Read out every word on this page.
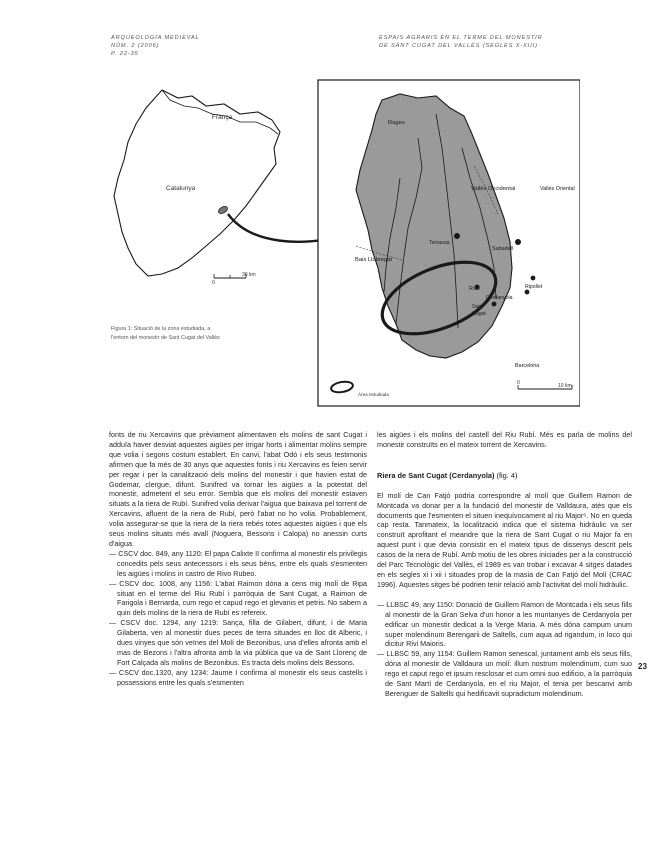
ARQUEOLOGIA MEDIEVAL
NÚM. 2 (2006)
P. 22-35
ESPAIS AGRARIS EN EL TERME DEL MONESTIR
DE SANT CUGAT DEL VALLÈS (SEGLES X-XIII)
França
Catalunya
0
30 km
Rages
Vallès Occidental	Vallès Oriental
Terrassa
Sabadell
Baix Llobregat
Ripollet
Rubí
Cerdanyola
Sant
Cugat
Barcelona
0	10 km
Àrea estudiada
Figura 1: Situació de la zona estudiada, a l'entorn del monestir de Sant Cugat del Vallès

fonts de riu Xercavins que prèviament alimentaven els molins de sant Cugat i adduïa haver desviat aquestes aigües per irrigar horts i alimentar molins sempre que volia i segons costum establert. En canvi, l'abat Odó i els seus testimonis afirmen que fa més de 30 anys que aquestes fonts i riu Xercavins es feien servir per regar i per la canalització dels molins del monestir i que havien estat de Godemar, clergue, difunt. Sunifred va tornar les aigües a la potestat del monestir, admetent el seu error. Sembla que els molins del monestir estaven situats a la riera de Rubí. Sunifred volia derivar l'aigua que baixava pel torrent de Xercavins, afluent de la riera de Rubí, però l'abat no ho volia. Probablement, volia assegurar-se que la riera de la riera rebés totes aquestes aigües i que els seus molins situats més avall (Noguera, Bessons i Calopa) no anessin curts d'aigua.

— CSCV doc. 849, any 1120: El papa Calixte II confirma al monestir els privilegis concedits pels seus antecessors i els seus béns, entre els quals s'esmenten les aigües i molins in castro de Rivo Rubeo.

— CSCV doc. 1008, any 1156: L'abat Raimon dóna a cens mig molí de Ripa situat en el terme del Riu Rubí i parròquia de Sant Cugat, a Raimon de Farigola i Bernarda, cum rego et capud rego et glevanis et petris. No sabem a quin dels molins de la riera de Rubí es refereix.

— CSCV doc. 1294, any 1219: Sança, filla de Gilabert, difunt, i de Maria Gilaberta, ven al monestir dues peces de terra situades en lloc dit Alberic, i dues vinyes que són veïnes del Molí de Bezonibus, una d'elles afronta amb el mas de Bezons i l'altra afronta amb la via pública que va de Sant Llorenç de Fort Calçada als molins de Bezonibus. Es tracta dels molins dels Bessons.

— CSCV doc.1320, any 1234: Jaume I confirma al monestir els seus castells i possessions entre les quals s'esmenten

les aigües i els molins del castell del Riu Rubí. Més es parla de molins del monestir construïts en el mateix torrent de Xercavins.

Riera de Sant Cugat (Cerdanyola) (fig. 4)

El molí de Can Fatjó podria correspondre al molí que Guillem Ramon de Montcada va donar per a la fundació del monestir de Valldaura, atès que els documents que l'esmenten el situen inequívocament al riu Major⁶. No en queda cap resta. Tanmateix, la localització indica que el sistema hidràulic va ser construït aprofitant el meandre que la riera de Sant Cugat o riu Major fa en aquest punt i que devia consistir en el mateix tipus de dissenys descrit pels casos de la riera de Rubí. Amb motiu de les obres iniciades per a la construcció del Parc Tecnològic del Vallès, el 1989 es van trobar i excavar 4 sitges datades en els segles xi i xii i situades prop de la masia de Can Fatjó del Molí (CRAC 1996). Aquestes sitges bé podrien tenir relació amb l'activitat del molí hidràulic.

— LLBSC 49, any 1150: Donació de Guillem Ramon de Montcada i els seus fills al monestir de la Gran Selva d'un honor a les muntanyes de Cerdanyola per edificar un monestir dedicat a la Verge Maria. A més dóna campum unum super molendinum Berengarii de Saltells, cum aqua ad rigandum, in loco qui dicitur Rivi Maioris.

— LLBSC 59, any 1154: Guillem Ramon senescal, juntament amb els seus fills, dóna al monestir de Valldaura un molí: illum nostrum molendinum, cum suo rego et caput rego et ipsum resclosar et cum omni suo edificio, a la parròquia de Sant Martí de Cerdanyola, en el riu Major, el tenia per bescanvi amb Berenguer de Saltells qui hedificavit supradictum molendinum.

23
